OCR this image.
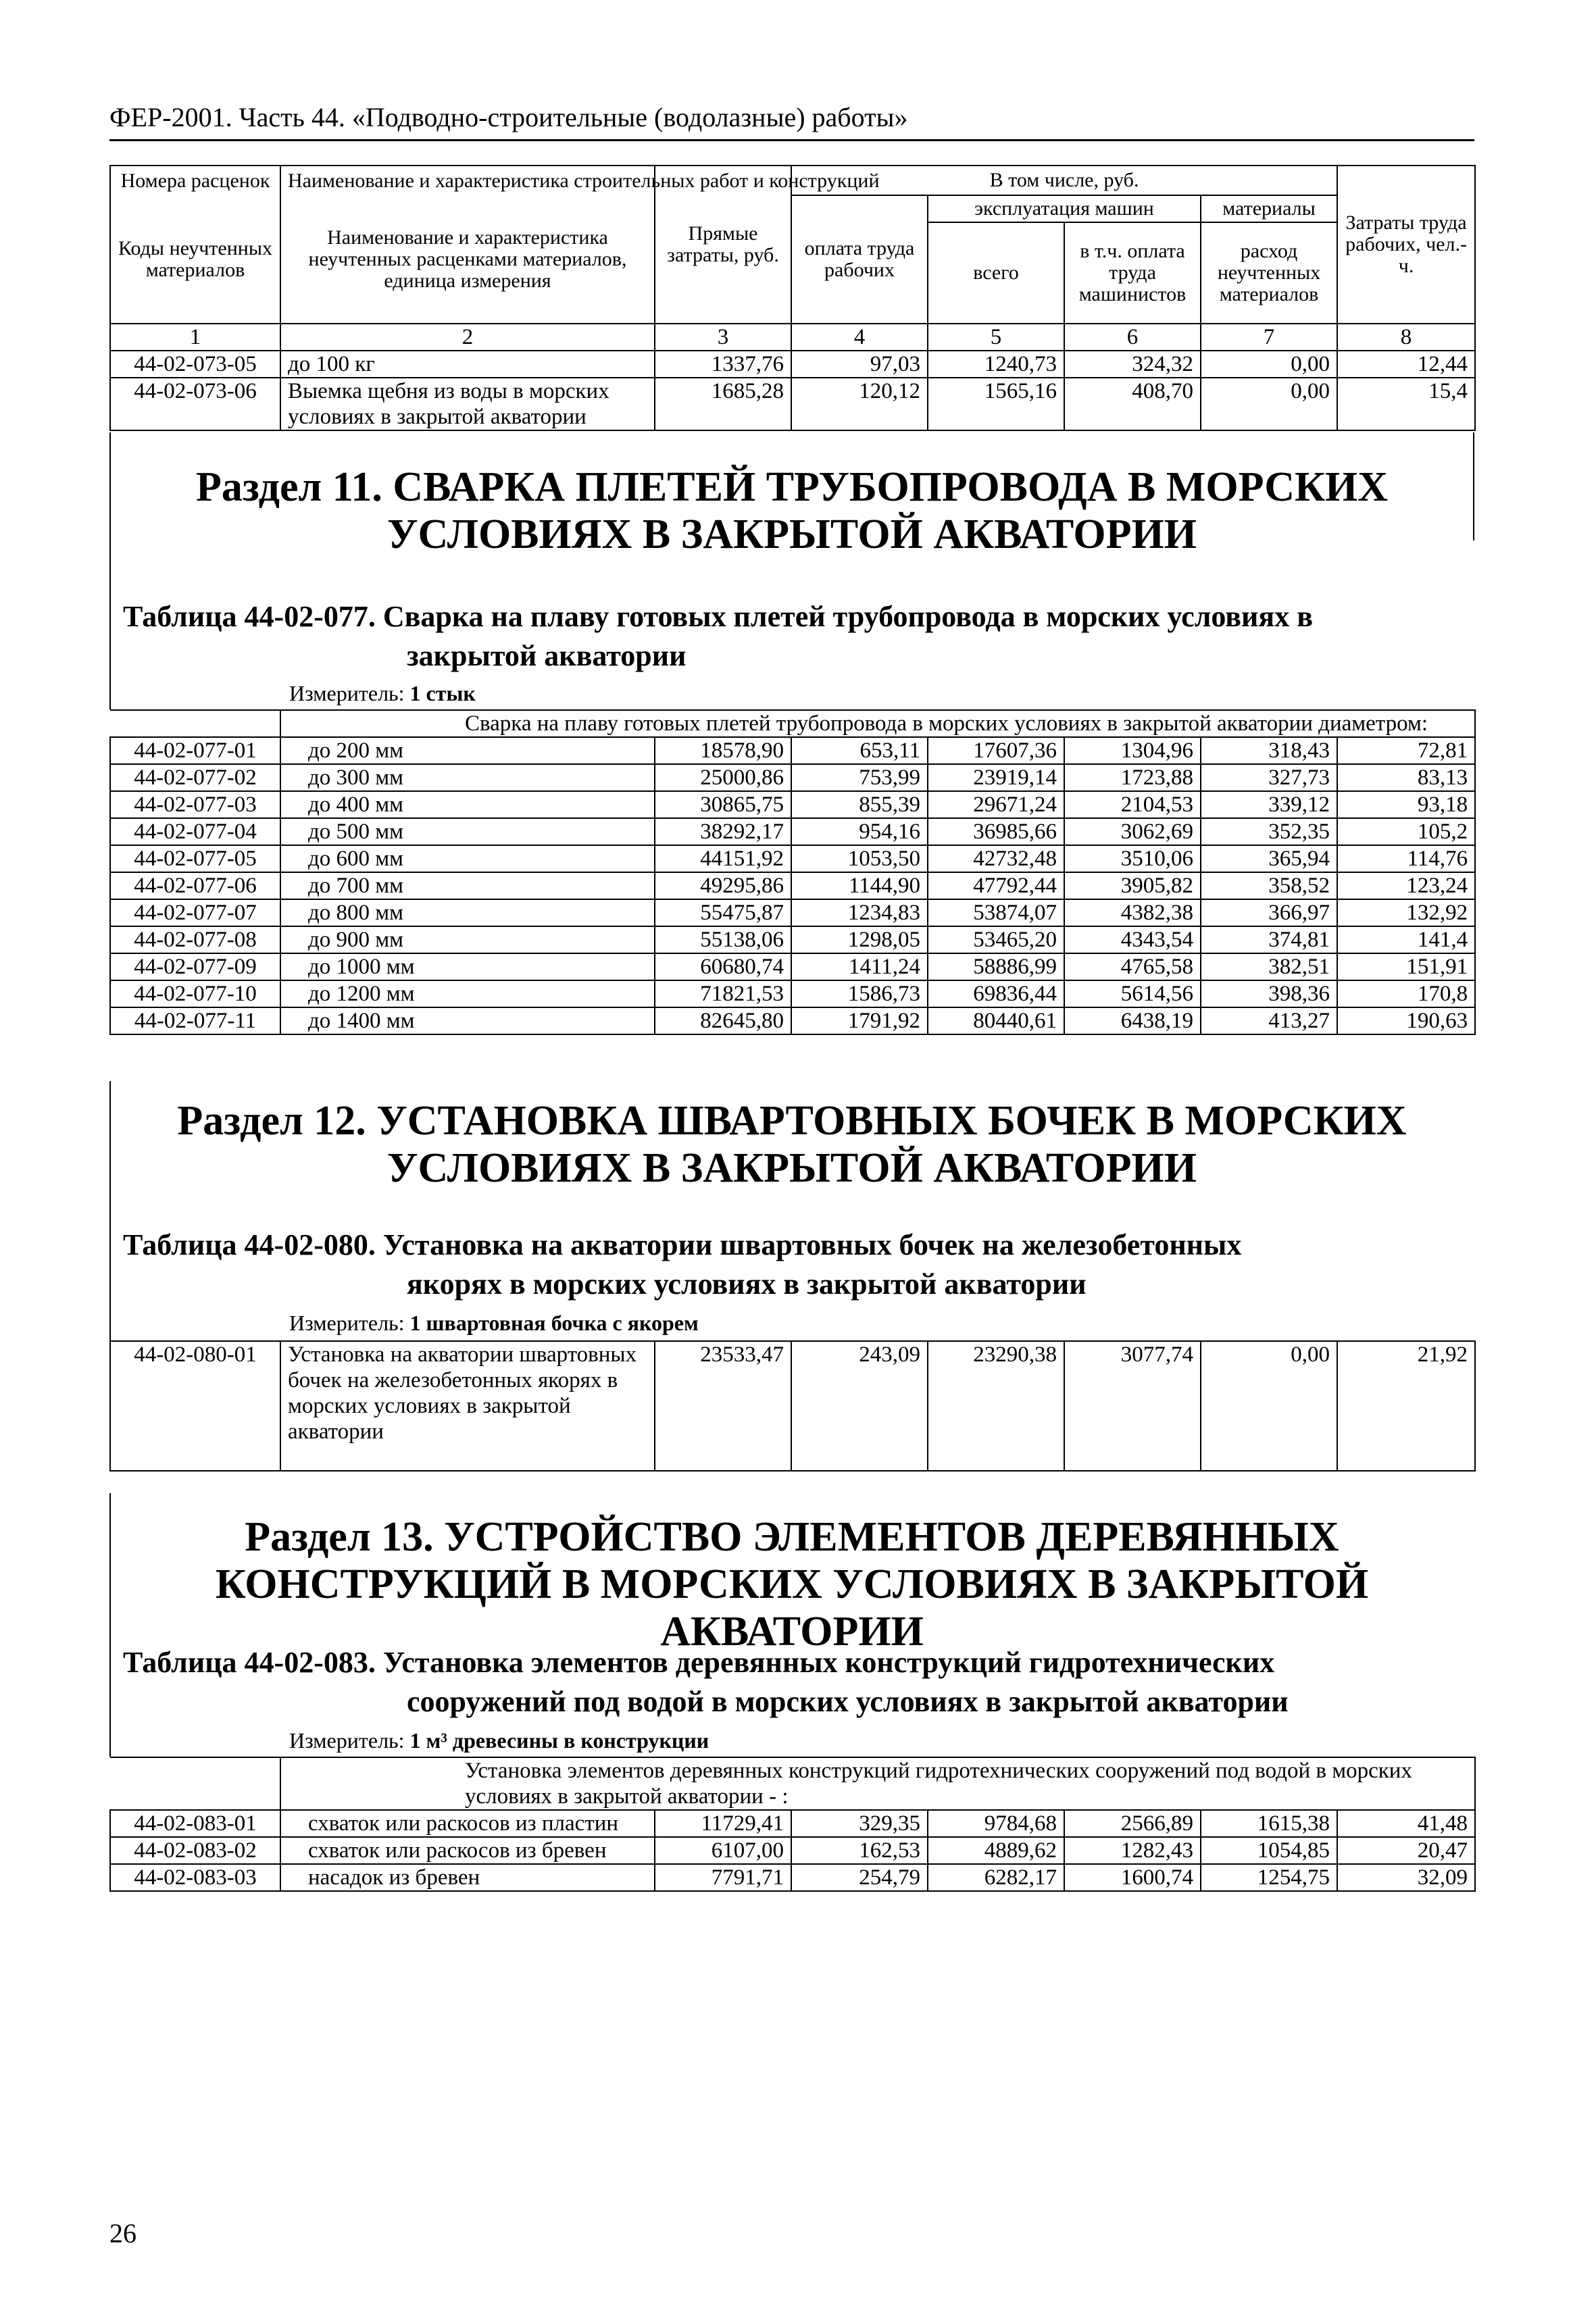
ФЕР-2001. Часть 44. «Подводно-строительные (водолазные) работы»
Номера расценок	Наименование и характеристика строительных работ и конструкций	Прямые затраты, руб.	В том числе, руб.				Затраты труда рабочих, чел.-ч.
Коды неучтенных материалов	Наименование и характеристика неучтенных расценками материалов, единица измерения		оплата труда рабочих	эксплуатация машин		материалы	
				всего	в т.ч. оплата труда машинистов	расход неучтенных материалов	
1	2	3	4	5	6	7	8
44-02-073-05	до 100 кг	1337,76	97,03	1240,73	324,32	0,00	12,44
44-02-073-06	Выемка щебня из воды в морских условиях в закрытой акватории	1685,28	120,12	1565,16	408,70	0,00	15,4
Раздел 11. СВАРКА ПЛЕТЕЙ ТРУБОПРОВОДА В МОРСКИХ УСЛОВИЯХ В ЗАКРЫТОЙ АКВАТОРИИ
Таблица 44-02-077. Сварка на плаву готовых плетей трубопровода в морских условиях в
закрытой акватории
Измеритель: 1 стык
	Сварка на плаву готовых плетей трубопровода в морских условиях в закрытой акватории диаметром:						
44-02-077-01	до 200 мм	18578,90	653,11	17607,36	1304,96	318,43	72,81
44-02-077-02	до 300 мм	25000,86	753,99	23919,14	1723,88	327,73	83,13
44-02-077-03	до 400 мм	30865,75	855,39	29671,24	2104,53	339,12	93,18
44-02-077-04	до 500 мм	38292,17	954,16	36985,66	3062,69	352,35	105,2
44-02-077-05	до 600 мм	44151,92	1053,50	42732,48	3510,06	365,94	114,76
44-02-077-06	до 700 мм	49295,86	1144,90	47792,44	3905,82	358,52	123,24
44-02-077-07	до 800 мм	55475,87	1234,83	53874,07	4382,38	366,97	132,92
44-02-077-08	до 900 мм	55138,06	1298,05	53465,20	4343,54	374,81	141,4
44-02-077-09	до 1000 мм	60680,74	1411,24	58886,99	4765,58	382,51	151,91
44-02-077-10	до 1200 мм	71821,53	1586,73	69836,44	5614,56	398,36	170,8
44-02-077-11	до 1400 мм	82645,80	1791,92	80440,61	6438,19	413,27	190,63
Раздел 12. УСТАНОВКА ШВАРТОВНЫХ БОЧЕК В МОРСКИХ УСЛОВИЯХ В ЗАКРЫТОЙ АКВАТОРИИ
Таблица 44-02-080. Установка на акватории швартовных бочек на железобетонных
якорях в морских условиях в закрытой акватории
Измеритель: 1 швартовная бочка с якорем
44-02-080-01	Установка на акватории швартовных бочек на железобетонных якорях в морских условиях в закрытой акватории	23533,47	243,09	23290,38	3077,74	0,00	21,92
Раздел 13. УСТРОЙСТВО ЭЛЕМЕНТОВ ДЕРЕВЯННЫХ КОНСТРУКЦИЙ В МОРСКИХ УСЛОВИЯХ В ЗАКРЫТОЙ АКВАТОРИИ
Таблица 44-02-083. Установка элементов деревянных конструкций гидротехнических
сооружений под водой в морских условиях в закрытой акватории
Измеритель: 1 м³ древесины в конструкции
	Установка элементов деревянных конструкций гидротехнических сооружений под водой в морских условиях в закрытой акватории - :						
44-02-083-01	схваток или раскосов из пластин	11729,41	329,35	9784,68	2566,89	1615,38	41,48
44-02-083-02	схваток или раскосов из бревен	6107,00	162,53	4889,62	1282,43	1054,85	20,47
44-02-083-03	насадок из бревен	7791,71	254,79	6282,17	1600,74	1254,75	32,09
26
